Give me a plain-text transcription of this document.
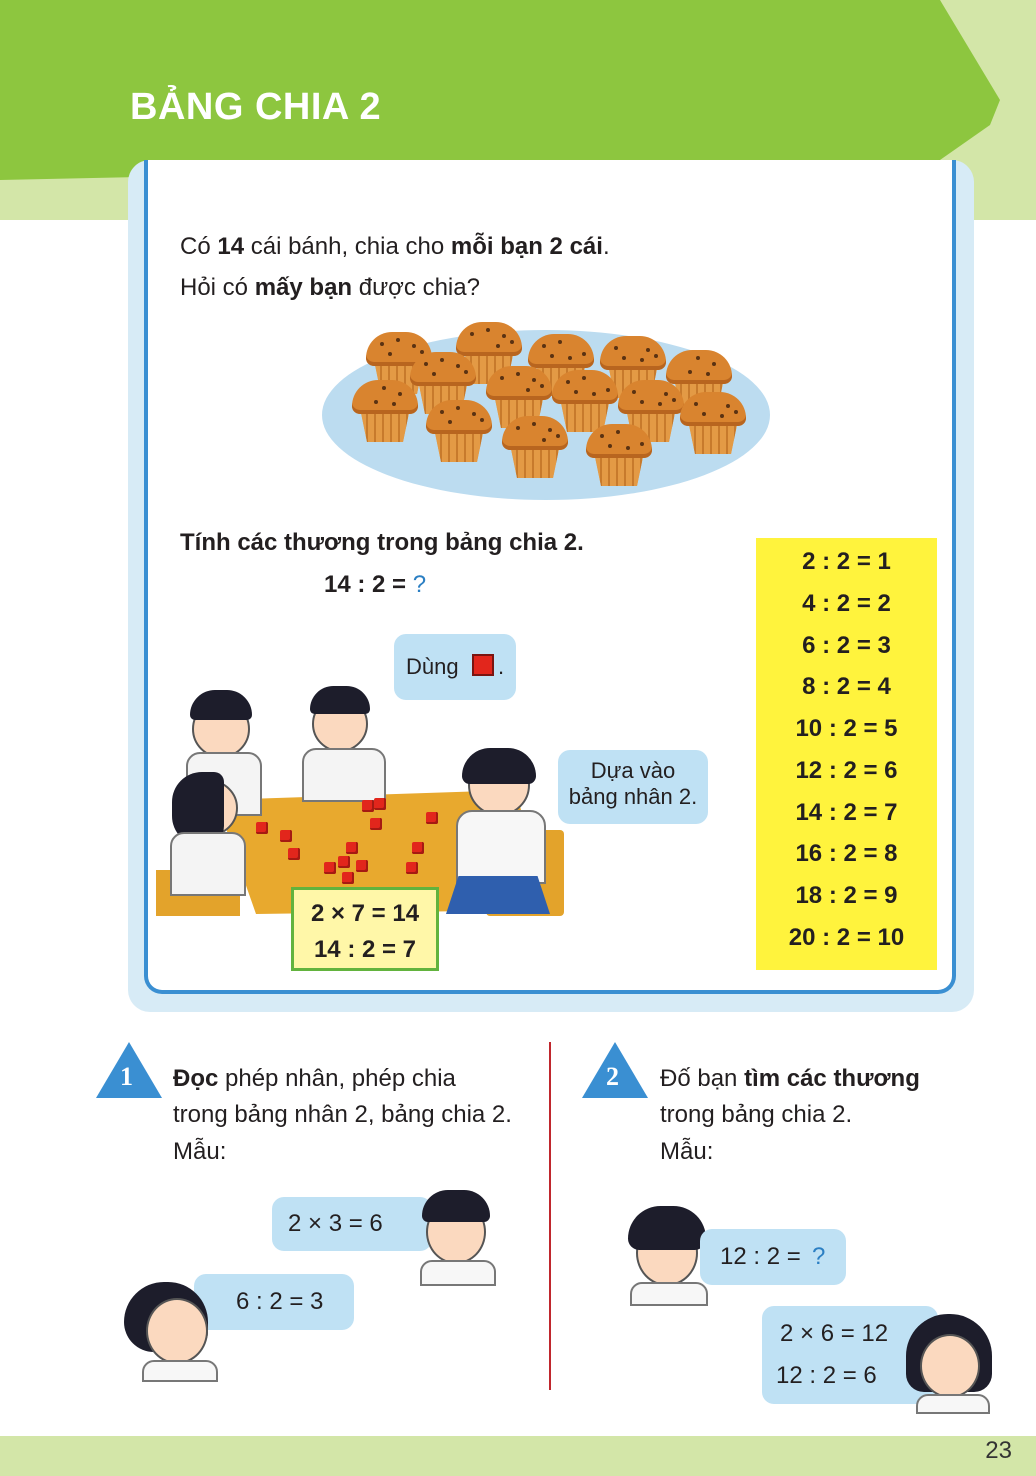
BẢNG CHIA 2
Có 14 cái bánh, chia cho mỗi bạn 2 cái.
Hỏi có mấy bạn được chia?
Tính các thương trong bảng chia 2.
14 : 2 = ?
2 : 2 = 1
4 : 2 = 2
6 : 2 = 3
8 : 2 = 4
10 : 2 = 5
12 : 2 = 6
14 : 2 = 7
16 : 2 = 8
18 : 2 = 9
20 : 2 = 10
Dùng .
Dựa vào
bảng nhân 2.
2 × 7 = 14
14 : 2 = 7
1 Đọc phép nhân, phép chia
trong bảng nhân 2, bảng chia 2.
Mẫu:
2 × 3 = 6
6 : 2 = 3
2 Đố bạn tìm các thương
trong bảng chia 2.
Mẫu:
12 : 2 = ?
2 × 6 = 12
12 : 2 = 6
23
